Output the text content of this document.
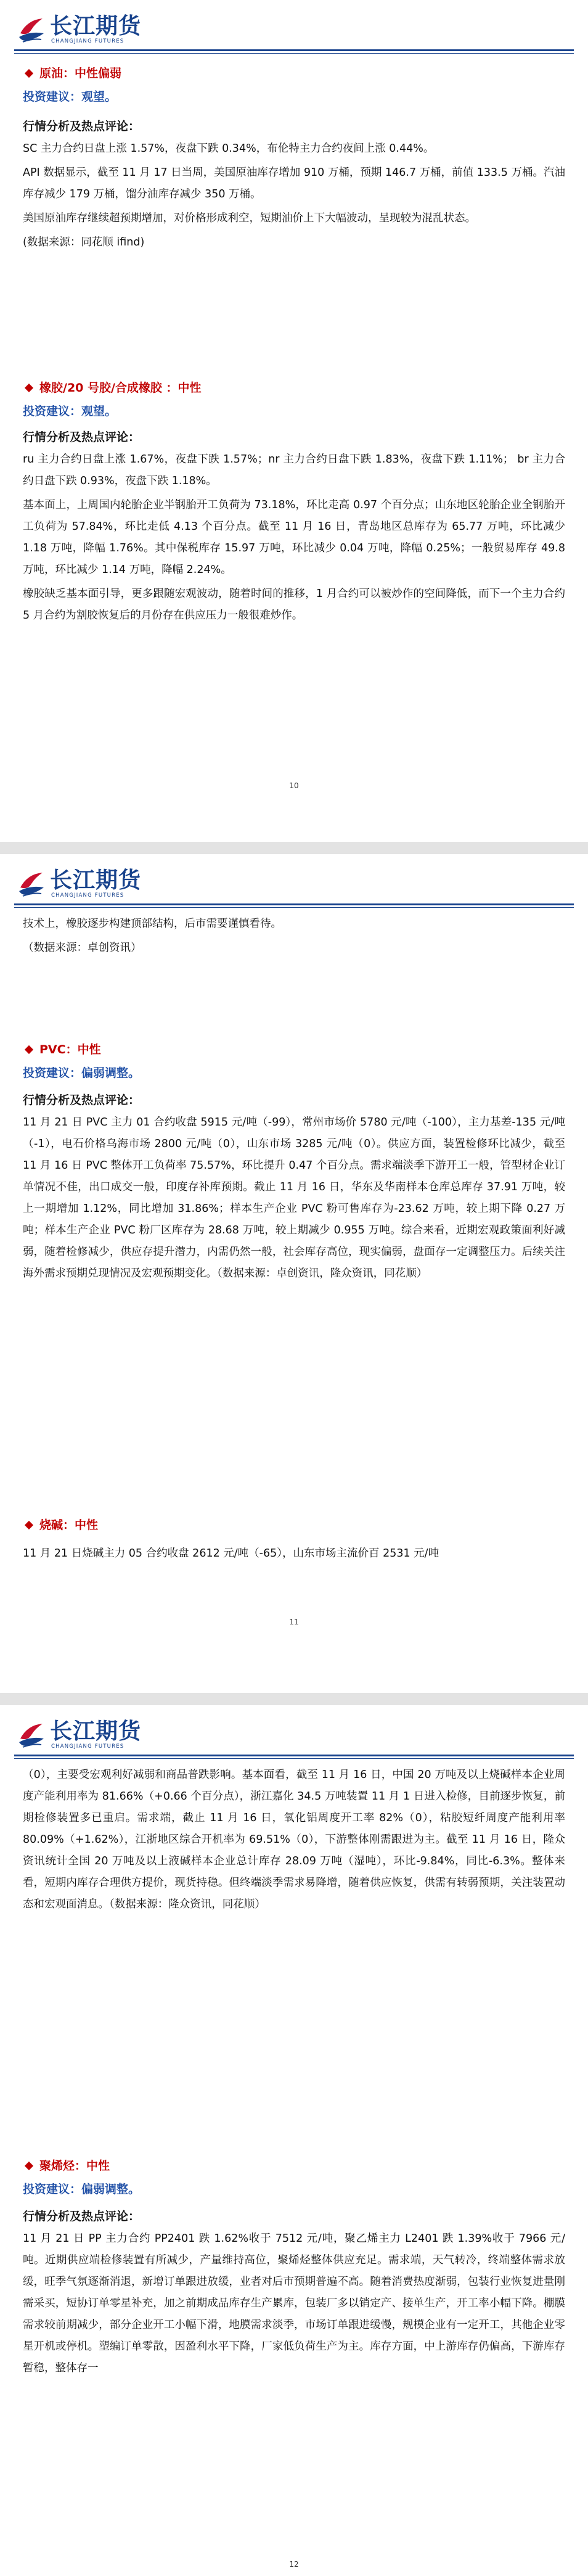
长江期货
CHANGJIANG FUTURES
原油：中性偏弱
投资建议：观望。
行情分析及热点评论：

SC 主力合约日盘上涨 1.57%，夜盘下跌 0.34%，布伦特主力合约夜间上涨 0.44%。

API 数据显示，截至 11 月 17 日当周，美国原油库存增加 910 万桶，预期 146.7 万桶，前值 133.5 万桶。汽油库存减少 179 万桶，馏分油库存减少 350 万桶。

美国原油库存继续超预期增加，对价格形成利空，短期油价上下大幅波动，呈现较为混乱状态。

(数据来源：同花顺 ifind)

橡胶/20 号胶/合成橡胶 ：中性
投资建议：观望。
行情分析及热点评论：

ru 主力合约日盘上涨 1.67%，夜盘下跌 1.57%；nr 主力合约日盘下跌 1.83%，夜盘下跌 1.11%； br 主力合约日盘下跌 0.93%，夜盘下跌 1.18%。

基本面上，上周国内轮胎企业半钢胎开工负荷为 73.18%，环比走高 0.97 个百分点；山东地区轮胎企业全钢胎开工负荷为 57.84%，环比走低 4.13 个百分点。截至 11 月 16 日，青岛地区总库存为 65.77 万吨，环比减少 1.18 万吨，降幅 1.76%。其中保税库存 15.97 万吨，环比减少 0.04 万吨，降幅 0.25%；一般贸易库存 49.8 万吨，环比减少 1.14 万吨，降幅 2.24%。

橡胶缺乏基本面引导，更多跟随宏观波动，随着时间的推移，1 月合约可以被炒作的空间降低，而下一个主力合约 5 月合约为割胶恢复后的月份存在供应压力一般很难炒作。

10
长江期货
CHANGJIANG FUTURES

技术上，橡胶逐步构建顶部结构，后市需要谨慎看待。

（数据来源：卓创资讯）

PVC：中性
投资建议：偏弱调整。
行情分析及热点评论：

11 月 21 日 PVC 主力 01 合约收盘 5915 元/吨（-99），常州市场价 5780 元/吨（-100），主力基差-135 元/吨（-1），电石价格乌海市场 2800 元/吨（0），山东市场 3285 元/吨（0）。供应方面，装置检修环比减少，截至 11 月 16 日 PVC 整体开工负荷率 75.57%，环比提升 0.47 个百分点。需求端淡季下游开工一般，管型材企业订单情况不佳，出口成交一般，印度存补库预期。截止 11 月 16 日，华东及华南样本仓库总库存 37.91 万吨，较上一期增加 1.12%，同比增加 31.86%；样本生产企业 PVC 粉可售库存为-23.62 万吨，较上期下降 0.27 万吨；样本生产企业 PVC 粉厂区库存为 28.68 万吨，较上期减少 0.955 万吨。综合来看，近期宏观政策面利好减弱，随着检修减少，供应存提升潜力，内需仍然一般，社会库存高位，现实偏弱，盘面存一定调整压力。后续关注海外需求预期兑现情况及宏观预期变化。（数据来源：卓创资讯，隆众资讯，同花顺）

烧碱：中性

11 月 21 日烧碱主力 05 合约收盘 2612 元/吨（-65），山东市场主流价百 2531 元/吨

11
长江期货
CHANGJIANG FUTURES

（0），主要受宏观利好减弱和商品普跌影响。基本面看，截至 11 月 16 日，中国 20 万吨及以上烧碱样本企业周度产能利用率为 81.66%（+0.66 个百分点），浙江嘉化 34.5 万吨装置 11 月 1 日进入检修，目前逐步恢复，前期检修装置多已重启。需求端，截止 11 月 16 日，氧化铝周度开工率 82%（0），粘胶短纤周度产能利用率 80.09%（+1.62%），江浙地区综合开机率为 69.51%（0），下游整体刚需跟进为主。截至 11 月 16 日，隆众资讯统计全国 20 万吨及以上液碱样本企业总计库存 28.09 万吨（湿吨），环比-9.84%，同比-6.3%。整体来看，短期内库存合理供方提价，现货持稳。但终端淡季需求易降增，随着供应恢复，供需有转弱预期，关注装置动态和宏观面消息。（数据来源：隆众资讯，同花顺）

聚烯烃：中性
投资建议：偏弱调整。
行情分析及热点评论：

11 月 21 日 PP 主力合约 PP2401 跌 1.62%收于 7512 元/吨，聚乙烯主力 L2401 跌 1.39%收于 7966 元/吨。近期供应端检修装置有所减少，产量维持高位，聚烯烃整体供应充足。需求端，天气转冷，终端整体需求放缓，旺季气氛逐渐消退，新增订单跟进放缓，业者对后市预期普遍不高。随着消费热度渐弱，包装行业恢复进量刚需采买，短协订单零星补充，加之前期成品库存生产累库，包装厂多以销定产、接单生产，开工率小幅下降。棚膜需求较前期减少，部分企业开工小幅下滑，地膜需求淡季，市场订单跟进缓慢，规模企业有一定开工，其他企业零星开机或停机。塑编订单零散，因盈利水平下降，厂家低负荷生产为主。库存方面，中上游库存仍偏高，下游库存暂稳，整体存一

12
